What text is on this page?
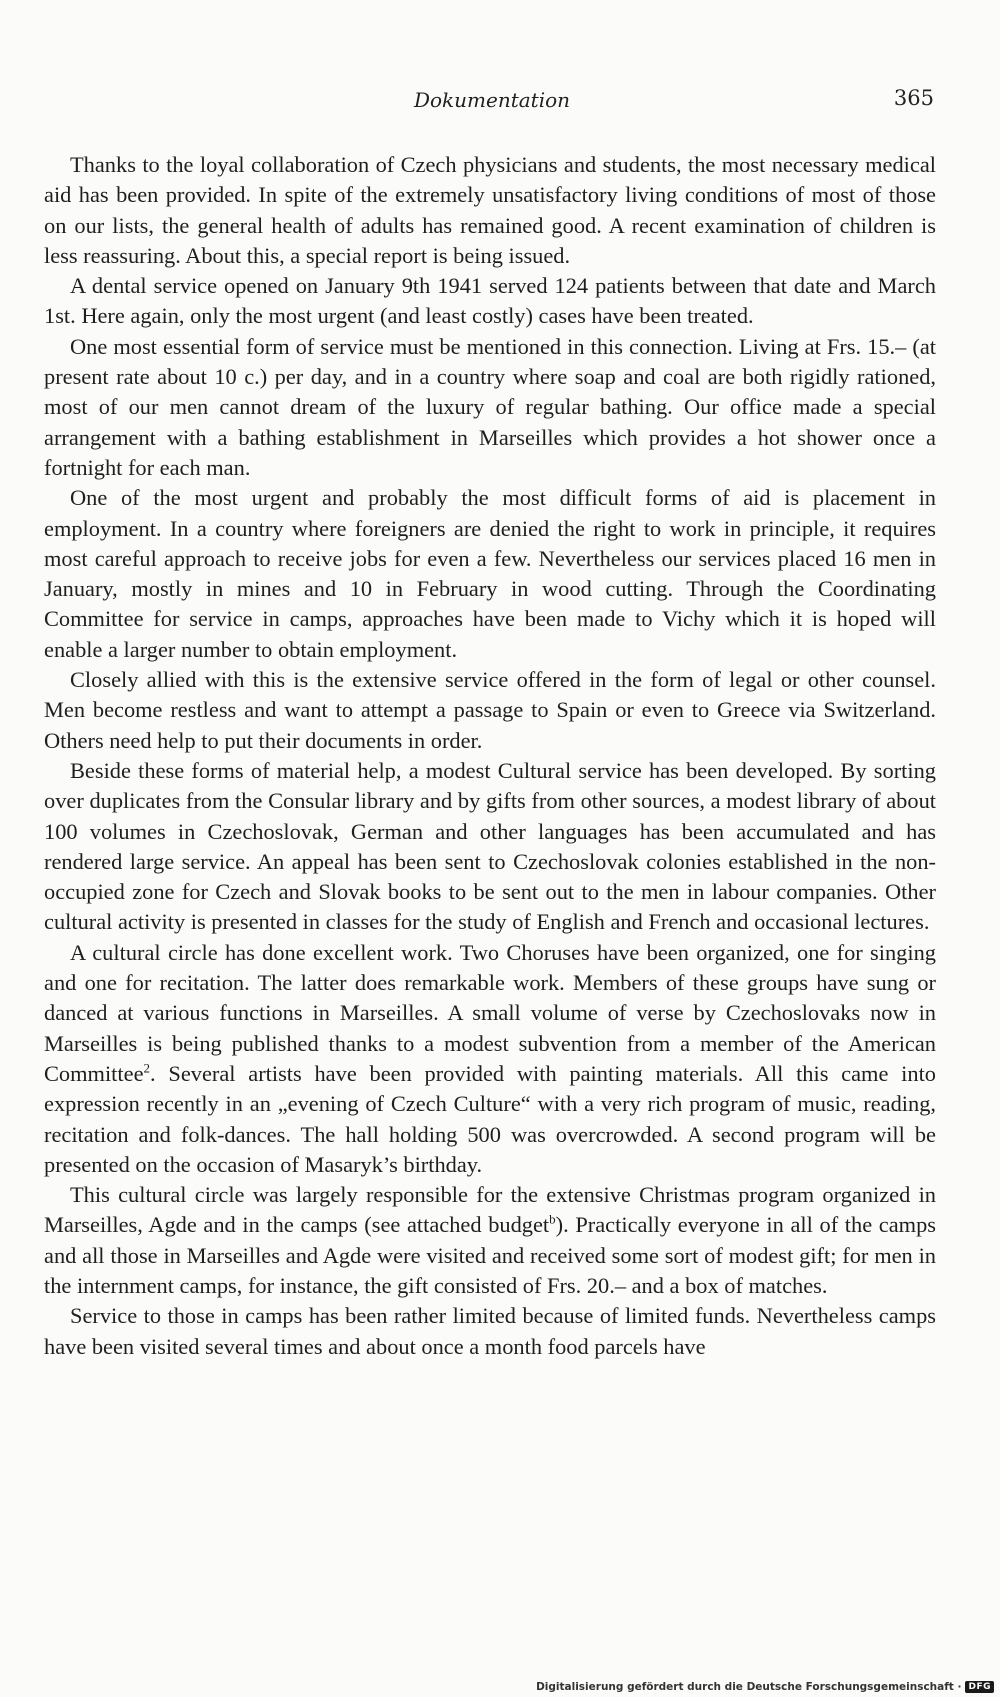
Dokumentation	365

Thanks to the loyal collaboration of Czech physicians and students, the most necessary medical aid has been provided. In spite of the extremely unsatisfactory living conditions of most of those on our lists, the general health of adults has remained good. A recent examination of children is less reassuring. About this, a special report is being issued.

A dental service opened on January 9th 1941 served 124 patients between that date and March 1st. Here again, only the most urgent (and least costly) cases have been treated.

One most essential form of service must be mentioned in this connection. Living at Frs. 15.– (at present rate about 10 c.) per day, and in a country where soap and coal are both rigidly rationed, most of our men cannot dream of the luxury of regular bathing. Our office made a special arrangement with a bathing establishment in Marseilles which provides a hot shower once a fortnight for each man.

One of the most urgent and probably the most difficult forms of aid is placement in employment. In a country where foreigners are denied the right to work in principle, it requires most careful approach to receive jobs for even a few. Nevertheless our services placed 16 men in January, mostly in mines and 10 in February in wood cutting. Through the Coordinating Committee for service in camps, approaches have been made to Vichy which it is hoped will enable a larger number to obtain employment.

Closely allied with this is the extensive service offered in the form of legal or other counsel. Men become restless and want to attempt a passage to Spain or even to Greece via Switzerland. Others need help to put their documents in order.

Beside these forms of material help, a modest Cultural service has been developed. By sorting over duplicates from the Consular library and by gifts from other sources, a modest library of about 100 volumes in Czechoslovak, German and other languages has been accumulated and has rendered large service. An appeal has been sent to Czechoslovak colonies established in the non-occupied zone for Czech and Slovak books to be sent out to the men in labour companies. Other cultural activity is presented in classes for the study of English and French and occasional lectures.

A cultural circle has done excellent work. Two Choruses have been organized, one for singing and one for recitation. The latter does remarkable work. Members of these groups have sung or danced at various functions in Marseilles. A small volume of verse by Czechoslovaks now in Marseilles is being published thanks to a modest subvention from a member of the American Committee$^2$. Several artists have been provided with painting materials. All this came into expression recently in an „evening of Czech Culture“ with a very rich program of music, reading, recitation and folk-dances. The hall holding 500 was overcrowded. A second program will be presented on the occasion of Masaryk’s birthday.

This cultural circle was largely responsible for the extensive Christmas program organized in Marseilles, Agde and in the camps (see attached budget$^b$). Practically everyone in all of the camps and all those in Marseilles and Agde were visited and received some sort of modest gift; for men in the internment camps, for instance, the gift consisted of Frs. 20.– and a box of matches.

Service to those in camps has been rather limited because of limited funds. Nevertheless camps have been visited several times and about once a month food parcels have

Digitalisierung gefördert durch die Deutsche Forschungsgemeinschaft · DFG
